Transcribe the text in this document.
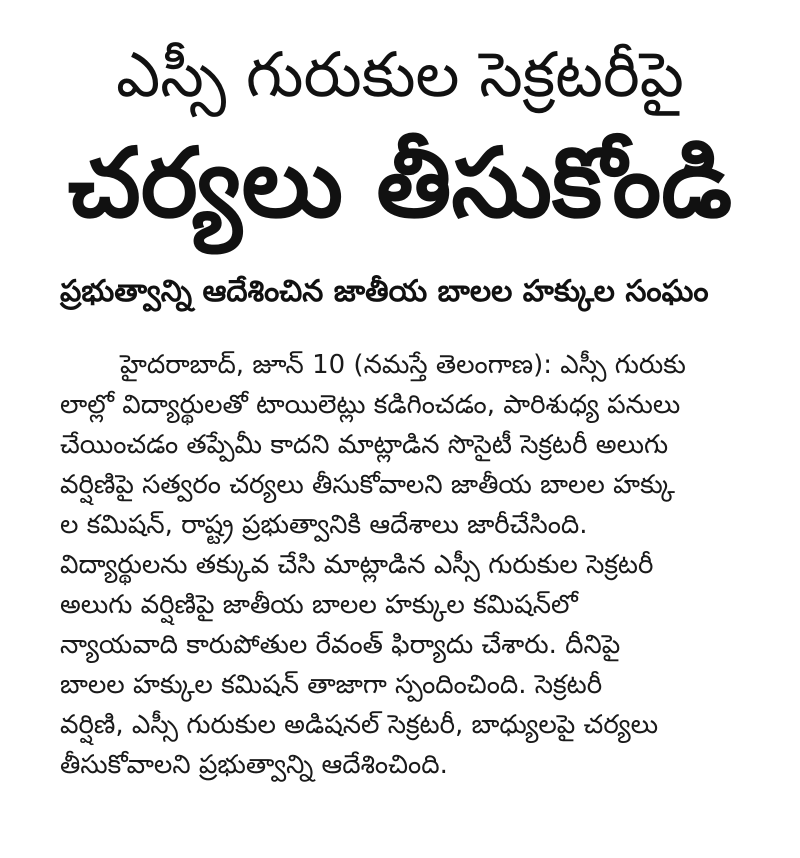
ఎస్సీ గురుకుల సెక్రటరీపై
చర్యలు తీసుకోండి
ప్రభుత్వాన్ని ఆదేశించిన జాతీయ బాలల హక్కుల సంఘం
హైదరాబాద్, జూన్ 10 (నమస్తే తెలంగాణ): ఎస్సీ గురుకు
లాల్లో విద్యార్థులతో టాయిలెట్లు కడిగించడం, పారిశుధ్య పనులు
చేయించడం తప్పేమీ కాదని మాట్లాడిన సొసైటీ సెక్రటరీ అలుగు
వర్షిణిపై సత్వరం చర్యలు తీసుకోవాలని జాతీయ బాలల హక్కు
ల కమిషన్, రాష్ట్ర ప్రభుత్వానికి ఆదేశాలు జారీచేసింది.
విద్యార్థులను తక్కువ చేసి మాట్లాడిన ఎస్సీ గురుకుల సెక్రటరీ
అలుగు వర్షిణిపై జాతీయ బాలల హక్కుల కమిషన్‌లో
న్యాయవాది కారుపోతుల రేవంత్ ఫిర్యాదు చేశారు. దీనిపై
బాలల హక్కుల కమిషన్ తాజాగా స్పందించింది. సెక్రటరీ
వర్షిణి, ఎస్సీ గురుకుల అడిషనల్ సెక్రటరీ, బాధ్యులపై చర్యలు
తీసుకోవాలని ప్రభుత్వాన్ని ఆదేశించింది.
